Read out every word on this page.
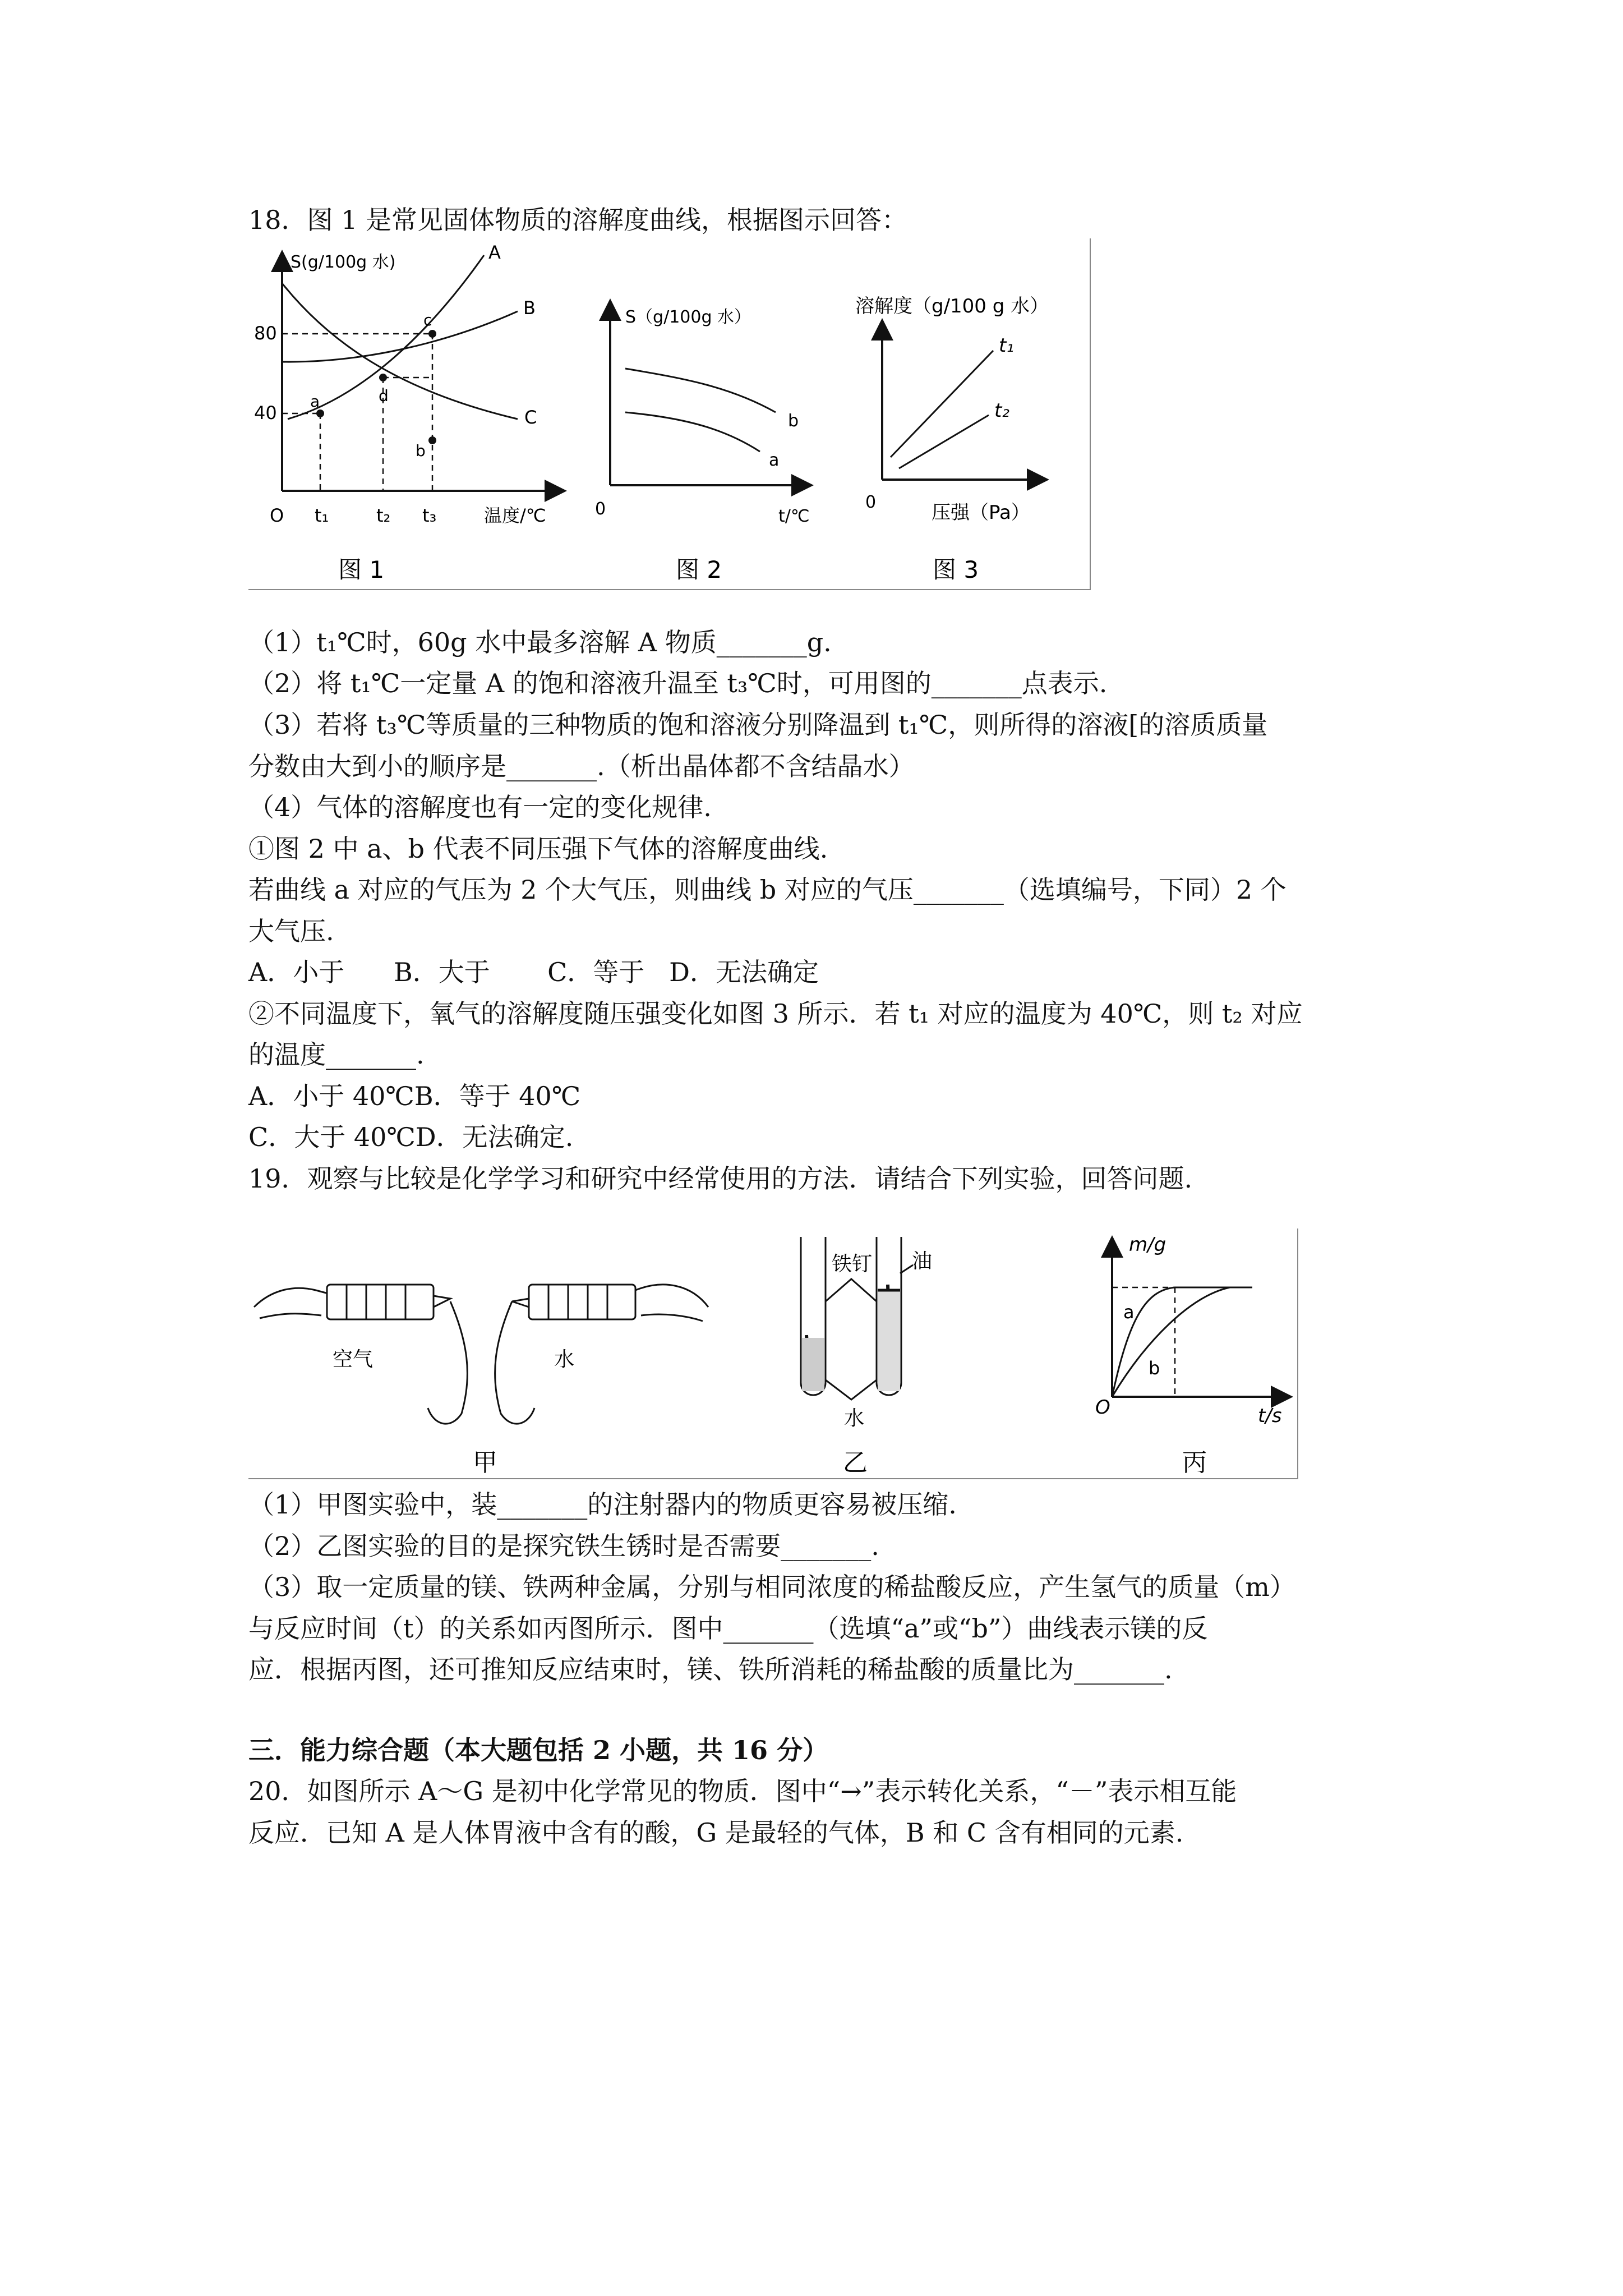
18．图 1 是常见固体物质的溶解度曲线，根据图示回答：
S(g/100g 水)
80
40
O t₁	t₂ t₃	温度/℃
A
B
C
a
b
c
d
图 1
S（g/100g 水）
0	t/℃
b
a
图 2
溶解度（g/100 g 水）
0	压强（Pa）
t₁
t₂
图 3
（1）t₁℃时，60g 水中最多溶解 A 物质_______g.
（2）将 t₁℃一定量 A 的饱和溶液升温至 t₃℃时，可用图的_______点表示.
（3）若将 t₃℃等质量的三种物质的饱和溶液分别降温到 t₁℃，则所得的溶液[的溶质质量
分数由大到小的顺序是_______.（析出晶体都不含结晶水）
（4）气体的溶解度也有一定的变化规律.
①图 2 中 a、b 代表不同压强下气体的溶解度曲线.
若曲线 a 对应的气压为 2 个大气压，则曲线 b 对应的气压_______（选填编号，下同）2 个
大气压.
A．小于      B．大于       C．等于   D．无法确定
②不同温度下，氧气的溶解度随压强变化如图 3 所示．若 t₁ 对应的温度为 40℃，则 t₂ 对应
的温度_______.
A．小于 40℃B．等于 40℃
C．大于 40℃D．无法确定.
19．观察与比较是化学学习和研究中经常使用的方法．请结合下列实验，回答问题.
空气	水
甲
铁钉 油
水
乙
m/g
t/s
O
a
b
丙
（1）甲图实验中，装_______的注射器内的物质更容易被压缩.
（2）乙图实验的目的是探究铁生锈时是否需要_______.
（3）取一定质量的镁、铁两种金属，分别与相同浓度的稀盐酸反应，产生氢气的质量（m）
与反应时间（t）的关系如丙图所示．图中_______（选填“a”或“b”）曲线表示镁的反
应．根据丙图，还可推知反应结束时，镁、铁所消耗的稀盐酸的质量比为_______.
三．能力综合题（本大题包括 2 小题，共 16 分）
20．如图所示 A～G 是初中化学常见的物质．图中“→”表示转化关系，“－”表示相互能
反应．已知 A 是人体胃液中含有的酸，G 是最轻的气体，B 和 C 含有相同的元素.
